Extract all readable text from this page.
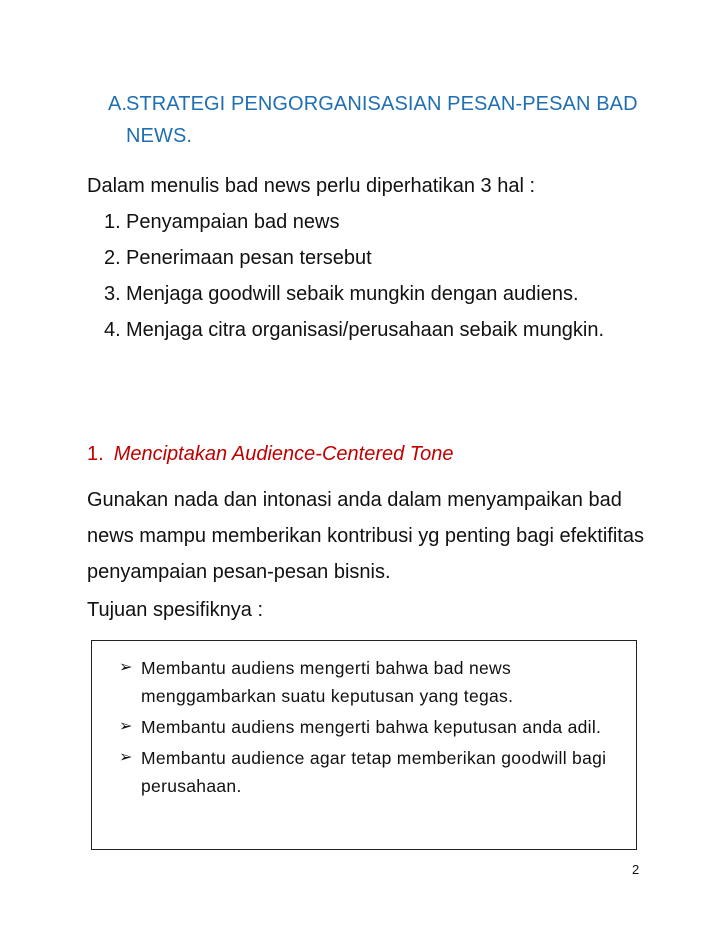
A.
STRATEGI PENGORGANISASIAN PESAN-PESAN BAD NEWS.
Dalam menulis bad news perlu diperhatikan 3 hal :
1. Penyampaian bad news
2. Penerimaan pesan tersebut
3. Menjaga goodwill sebaik mungkin dengan audiens.
4. Menjaga citra organisasi/perusahaan sebaik mungkin.
1. Menciptakan Audience-Centered Tone

Gunakan nada dan intonasi anda dalam menyampaikan bad news mampu memberikan kontribusi yg penting bagi efektifitas penyampaian pesan-pesan bisnis.

Tujuan spesifiknya :
➢ Membantu audiens mengerti bahwa bad news menggambarkan suatu keputusan yang tegas.
➢ Membantu audiens mengerti bahwa keputusan anda adil.
➢ Membantu audience agar tetap memberikan goodwill bagi perusahaan.
2
